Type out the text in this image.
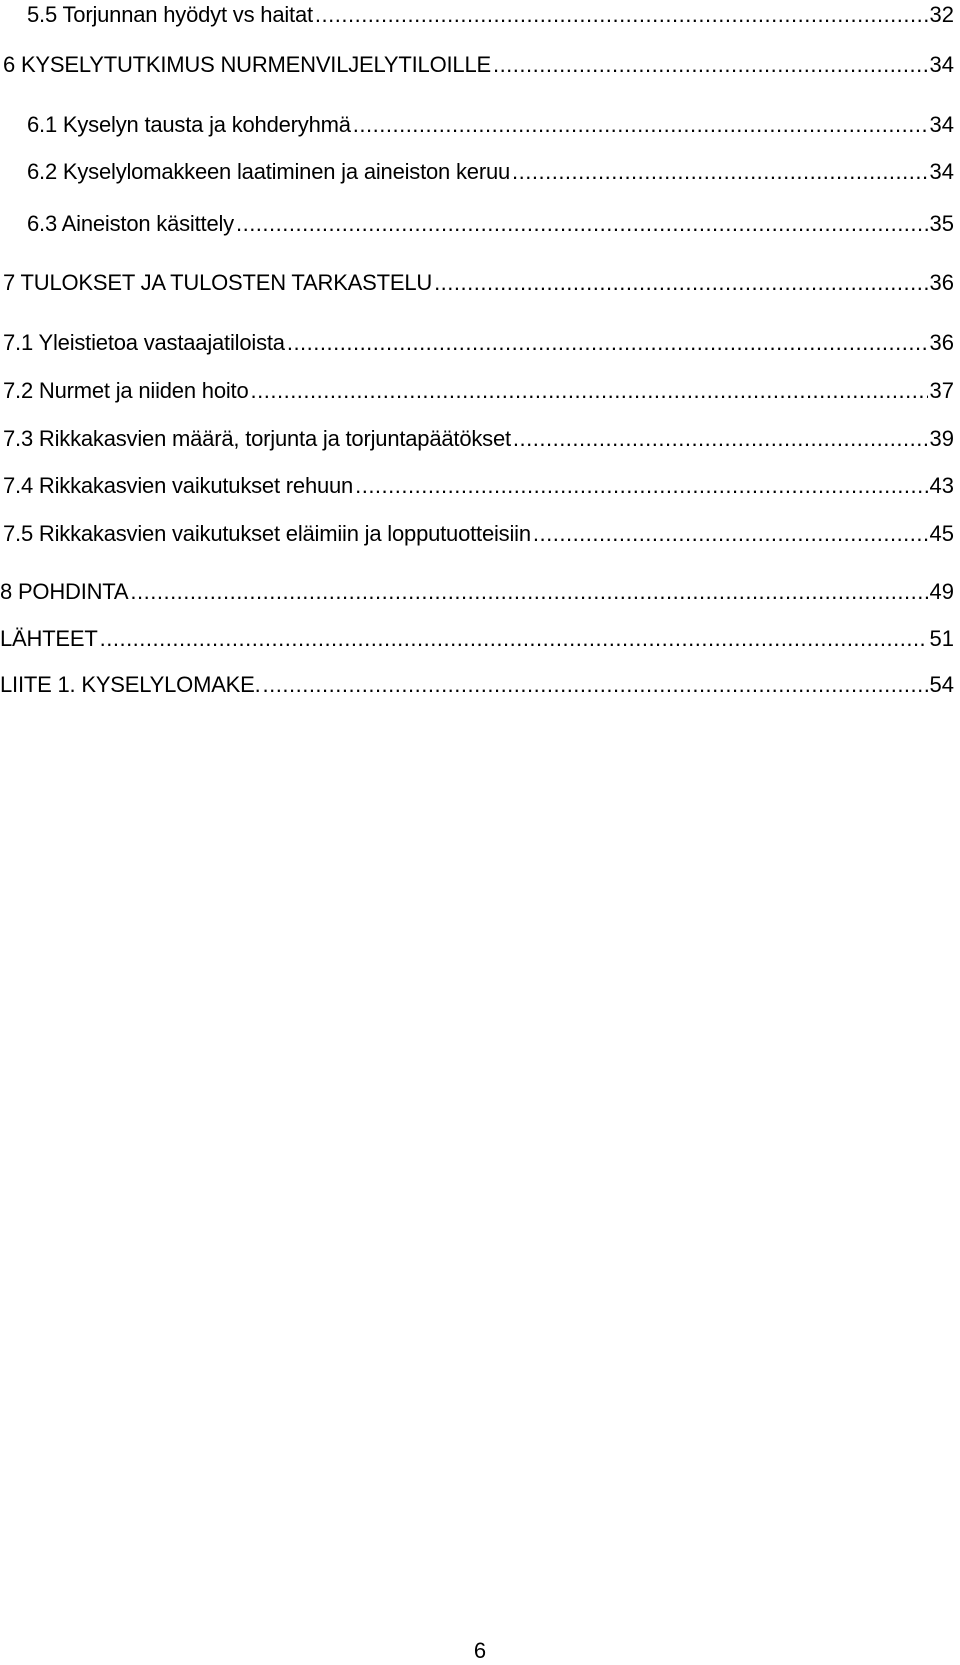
5.5 Torjunnan hyödyt vs haitat .....	32
6 KYSELYTUTKIMUS NURMENVILJELYTILOILLE .....	34
6.1 Kyselyn tausta ja kohderyhmä .....	34
6.2 Kyselylomakkeen laatiminen ja aineiston keruu .....	34
6.3 Aineiston käsittely .....	35
7 TULOKSET JA TULOSTEN TARKASTELU .....	36
7.1 Yleistietoa vastaajatiloista .....	36
7.2 Nurmet ja niiden hoito .....	37
7.3 Rikkakasvien määrä, torjunta ja torjuntapäätökset .....	39
7.4 Rikkakasvien vaikutukset rehuun .....	43
7.5 Rikkakasvien vaikutukset eläimiin ja lopputuotteisiin .....	45
8 POHDINTA .....	49
LÄHTEET .....	51
LIITE 1. KYSELYLOMAKE. .....	54
6
